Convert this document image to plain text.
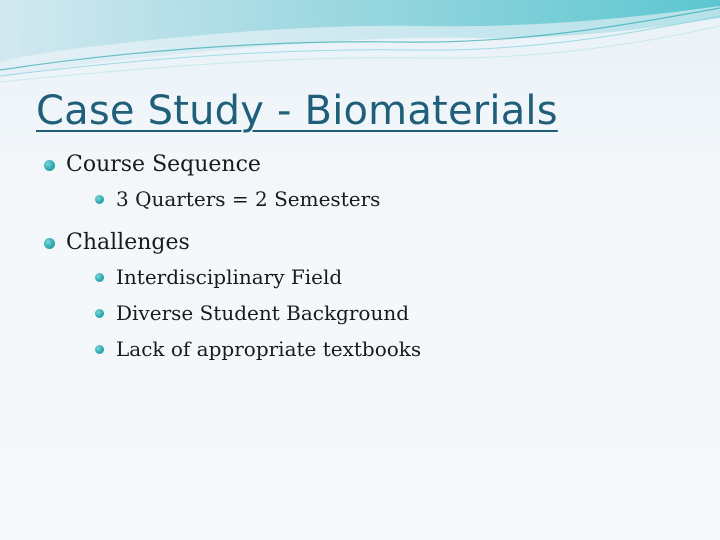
Case Study - Biomaterials
Course Sequence
3 Quarters = 2 Semesters
Challenges
Interdisciplinary Field
Diverse Student Background
Lack of appropriate textbooks
